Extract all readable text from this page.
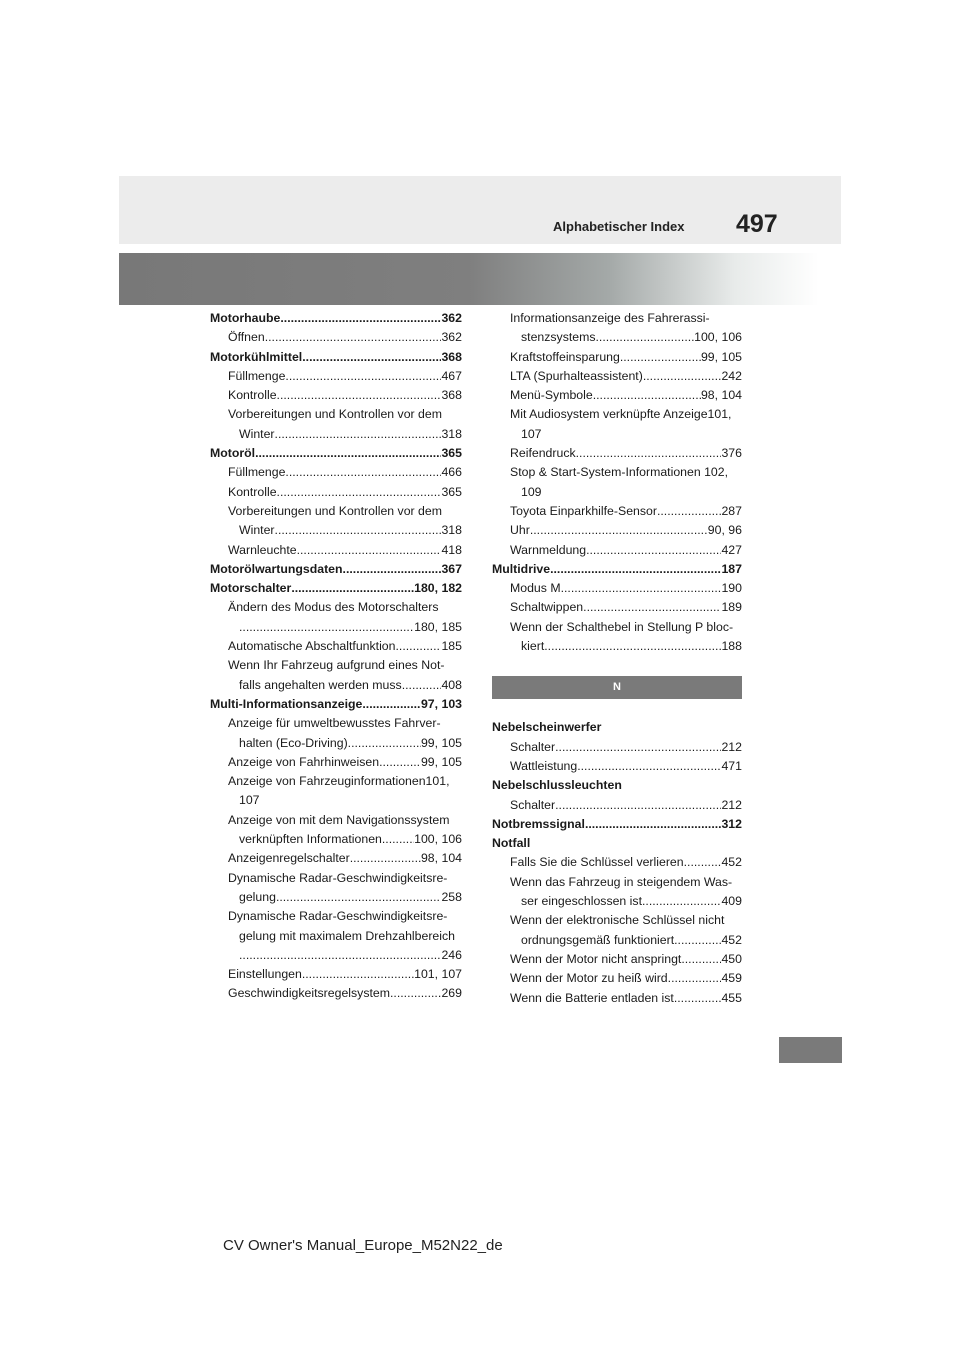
Alphabetischer Index 497
Motorhaube .....	362
Öffnen .....	362
Motorkühlmittel .....	368
Füllmenge .....	467
Kontrolle .....	368
Vorbereitungen und Kontrollen vor dem
Winter .....	318
Motoröl .....	365
Füllmenge .....	466
Kontrolle .....	365
Vorbereitungen und Kontrollen vor dem
Winter .....	318
Warnleuchte .....	418
Motorölwartungsdaten .....	367
Motorschalter .....	180, 182
Ändern des Modus des Motorschalters
.....
180, 185
Automatische Abschaltfunktion .....	185
Wenn Ihr Fahrzeug aufgrund eines Not-
falls angehalten werden muss .....	408
Multi-Informationsanzeige .....	97, 103
Anzeige für umweltbewusstes Fahrver-
halten (Eco-Driving) .....	99, 105
Anzeige von Fahrhinweisen .....	99, 105
Anzeige von Fahrzeuginformationen101,
107
Anzeige von mit dem Navigationssystem
verknüpften Informationen .....	100, 106
Anzeigenregelschalter .....	98, 104
Dynamische Radar-Geschwindigkeitsre-
gelung .....	258
Dynamische Radar-Geschwindigkeitsre-
gelung mit maximalem Drehzahlbereich
.....
246
Einstellungen .....	101, 107
Geschwindigkeitsregelsystem .....	269
Informationsanzeige des Fahrerassi-
stenzsystems .....	100, 106
Kraftstoffeinsparung .....	99, 105
LTA (Spurhalteassistent) .....	242
Menü-Symbole .....	98, 104
Mit Audiosystem verknüpfte Anzeige101,
107
Reifendruck .....	376
Stop & Start-System-Informationen 102,
109
Toyota Einparkhilfe-Sensor .....	287
Uhr .....	90, 96
Warnmeldung .....	427
Multidrive .....	187
Modus M .....	190
Schaltwippen .....	189
Wenn der Schalthebel in Stellung P bloc-
kiert .....	188
N
Nebelscheinwerfer
Schalter .....	212
Wattleistung .....	471
Nebelschlussleuchten
Schalter .....	212
Notbremssignal .....	312
Notfall
Falls Sie die Schlüssel verlieren .....	452
Wenn das Fahrzeug in steigendem Was-
ser eingeschlossen ist .....	409
Wenn der elektronische Schlüssel nicht
ordnungsgemäß funktioniert .....	452
Wenn der Motor nicht anspringt .....	450
Wenn der Motor zu heiß wird .....	459
Wenn die Batterie entladen ist .....	455
CV Owner's Manual_Europe_M52N22_de
